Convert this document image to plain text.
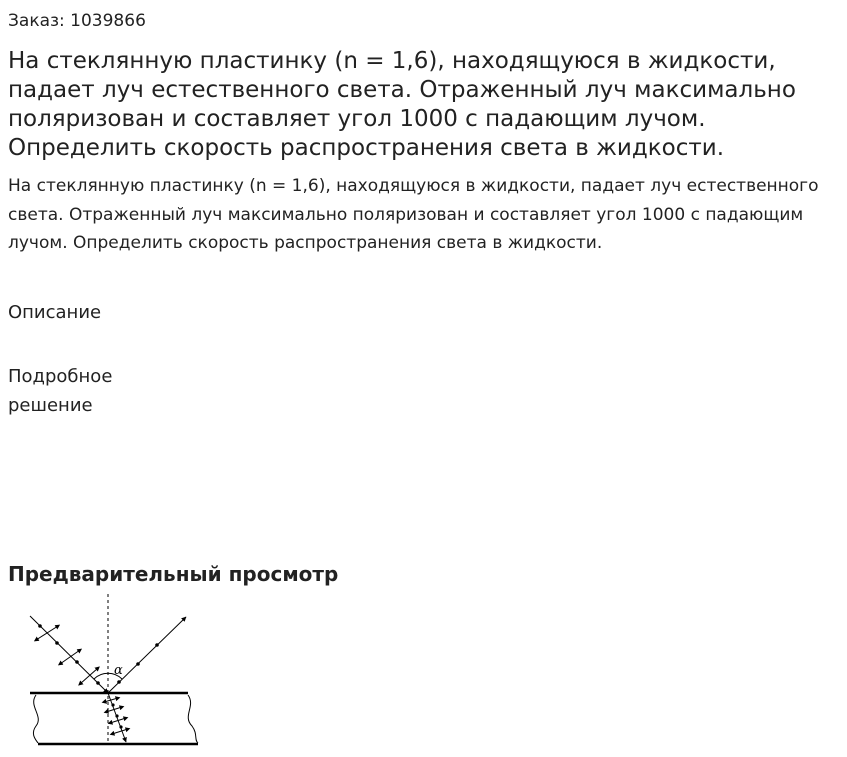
Заказ: 1039866
На стеклянную пластинку (n = 1,6), находящуюся в жидкости, падает луч естественного света. Отраженный луч максимально поляризован и составляет угол 1000 с падающим лучом. Определить скорость распространения света в жидкости.

На стеклянную пластинку (n = 1,6), находящуюся в жидкости, падает луч естественного света. Отраженный луч максимально поляризован и составляет угол 1000 с падающим лучом. Определить скорость распространения света в жидкости.

Описание
Подробное решение
Предварительный просмотр
α
